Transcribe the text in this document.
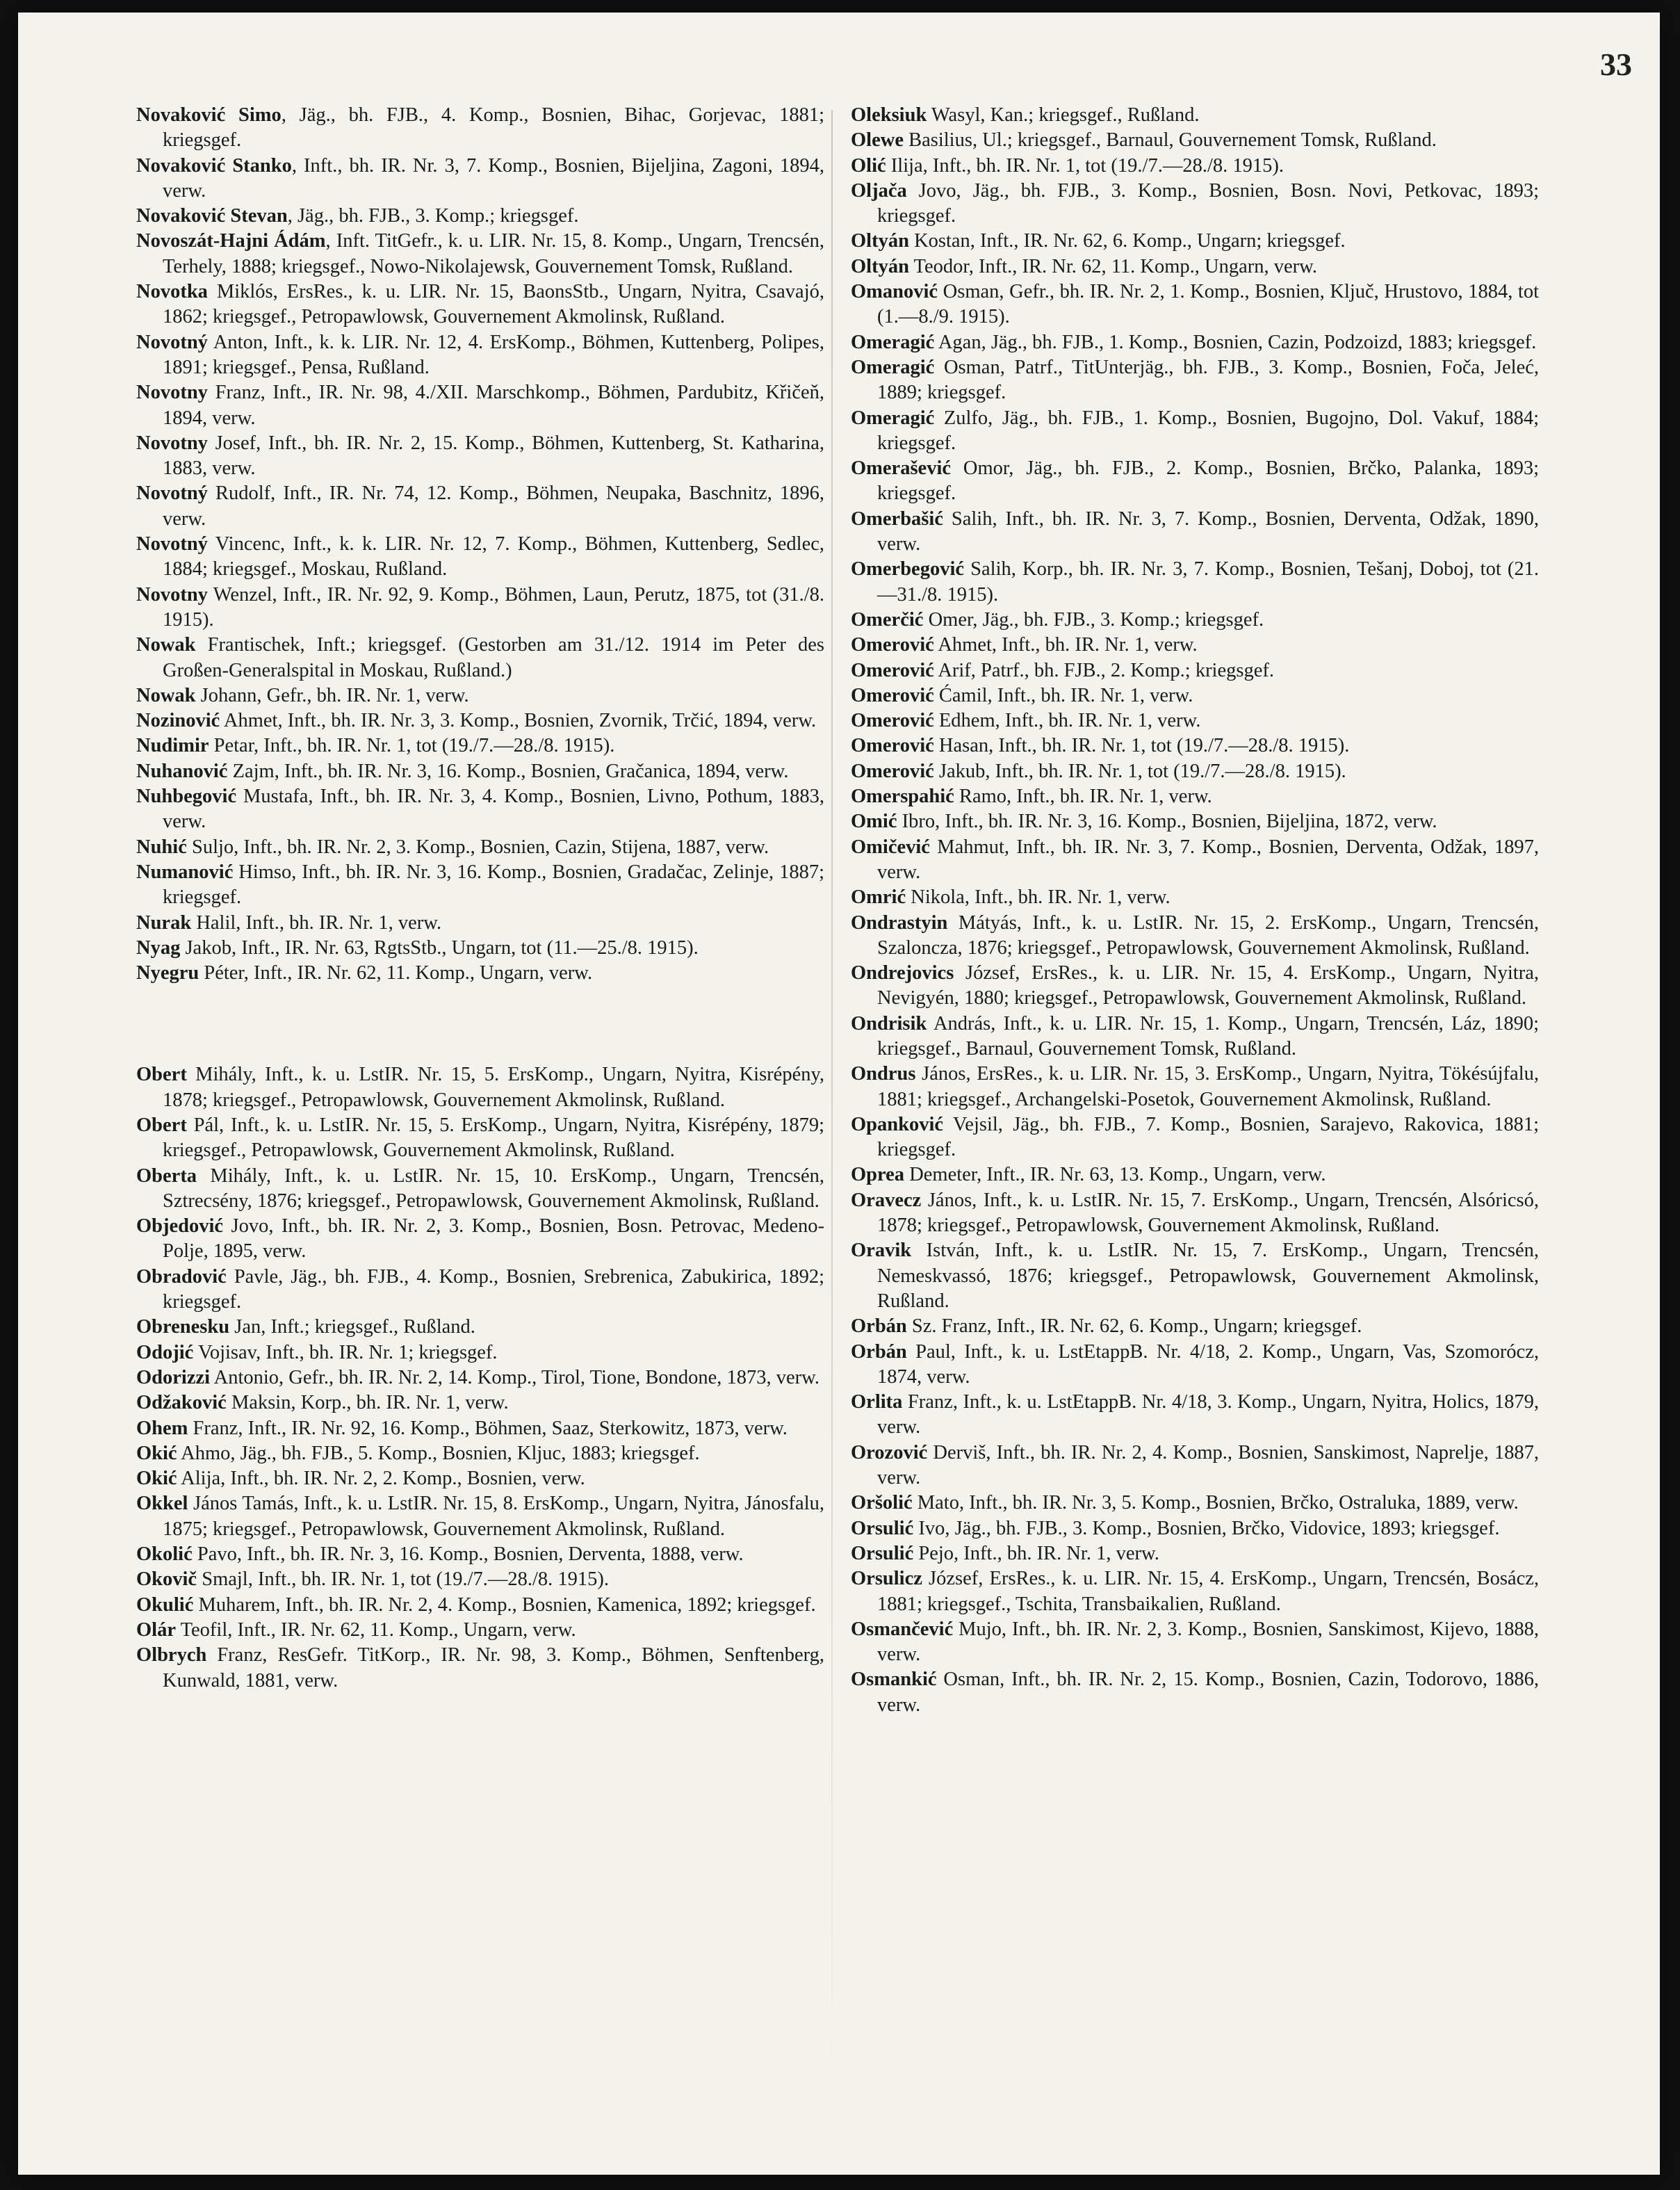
33

Novaković Simo, Jäg., bh. FJB., 4. Komp., Bosnien, Bihac, Gorjevac, 1881; kriegsgef.

Novaković Stanko, Inft., bh. IR. Nr. 3, 7. Komp., Bosnien, Bijeljina, Zagoni, 1894, verw.

Novaković Stevan, Jäg., bh. FJB., 3. Komp.; kriegsgef.

Novoszát-Hajni Ádám, Inft. TitGefr., k. u. LIR. Nr. 15, 8. Komp., Ungarn, Trencsén, Terhely, 1888; kriegsgef., Nowo-Nikolajewsk, Gouvernement Tomsk, Rußland.

Novotka Miklós, ErsRes., k. u. LIR. Nr. 15, BaonsStb., Ungarn, Nyitra, Csavajó, 1862; kriegsgef., Petropawlowsk, Gouvernement Akmolinsk, Rußland.

Novotný Anton, Inft., k. k. LIR. Nr. 12, 4. ErsKomp., Böhmen, Kuttenberg, Polipes, 1891; kriegsgef., Pensa, Rußland.

Novotny Franz, Inft., IR. Nr. 98, 4./XII. Marschkomp., Böhmen, Pardubitz, Křičeň, 1894, verw.

Novotny Josef, Inft., bh. IR. Nr. 2, 15. Komp., Böhmen, Kuttenberg, St. Katharina, 1883, verw.

Novotný Rudolf, Inft., IR. Nr. 74, 12. Komp., Böhmen, Neupaka, Baschnitz, 1896, verw.

Novotný Vincenc, Inft., k. k. LIR. Nr. 12, 7. Komp., Böhmen, Kuttenberg, Sedlec, 1884; kriegsgef., Moskau, Rußland.

Novotny Wenzel, Inft., IR. Nr. 92, 9. Komp., Böhmen, Laun, Perutz, 1875, tot (31./8. 1915).

Nowak Frantischek, Inft.; kriegsgef. (Gestorben am 31./12. 1914 im Peter des Großen-Generalspital in Moskau, Rußland.)

Nowak Johann, Gefr., bh. IR. Nr. 1, verw.

Nozinović Ahmet, Inft., bh. IR. Nr. 3, 3. Komp., Bosnien, Zvornik, Trčić, 1894, verw.

Nudimir Petar, Inft., bh. IR. Nr. 1, tot (19./7.—28./8. 1915).

Nuhanović Zajm, Inft., bh. IR. Nr. 3, 16. Komp., Bosnien, Gračanica, 1894, verw.

Nuhbegović Mustafa, Inft., bh. IR. Nr. 3, 4. Komp., Bosnien, Livno, Pothum, 1883, verw.

Nuhić Suljo, Inft., bh. IR. Nr. 2, 3. Komp., Bosnien, Cazin, Stijena, 1887, verw.

Numanović Himso, Inft., bh. IR. Nr. 3, 16. Komp., Bosnien, Gradačac, Zelinje, 1887; kriegsgef.

Nurak Halil, Inft., bh. IR. Nr. 1, verw.

Nyag Jakob, Inft., IR. Nr. 63, RgtsStb., Ungarn, tot (11.—25./8. 1915).

Nyegru Péter, Inft., IR. Nr. 62, 11. Komp., Ungarn, verw.

Obert Mihály, Inft., k. u. LstIR. Nr. 15, 5. ErsKomp., Ungarn, Nyitra, Kisrépény, 1878; kriegsgef., Petropawlowsk, Gouvernement Akmolinsk, Rußland.

Obert Pál, Inft., k. u. LstIR. Nr. 15, 5. ErsKomp., Ungarn, Nyitra, Kisrépény, 1879; kriegsgef., Petropawlowsk, Gouvernement Akmolinsk, Rußland.

Oberta Mihály, Inft., k. u. LstIR. Nr. 15, 10. ErsKomp., Ungarn, Trencsén, Sztrecsény, 1876; kriegsgef., Petropawlowsk, Gouvernement Akmolinsk, Rußland.

Objedović Jovo, Inft., bh. IR. Nr. 2, 3. Komp., Bosnien, Bosn. Petrovac, Medeno-Polje, 1895, verw.

Obradović Pavle, Jäg., bh. FJB., 4. Komp., Bosnien, Srebrenica, Zabukirica, 1892; kriegsgef.

Obrenesku Jan, Inft.; kriegsgef., Rußland.

Odojić Vojisav, Inft., bh. IR. Nr. 1; kriegsgef.

Odorizzi Antonio, Gefr., bh. IR. Nr. 2, 14. Komp., Tirol, Tione, Bondone, 1873, verw.

Odžaković Maksin, Korp., bh. IR. Nr. 1, verw.

Ohem Franz, Inft., IR. Nr. 92, 16. Komp., Böhmen, Saaz, Sterkowitz, 1873, verw.

Okić Ahmo, Jäg., bh. FJB., 5. Komp., Bosnien, Kljuc, 1883; kriegsgef.

Okić Alija, Inft., bh. IR. Nr. 2, 2. Komp., Bosnien, verw.

Okkel János Tamás, Inft., k. u. LstIR. Nr. 15, 8. ErsKomp., Ungarn, Nyitra, Jánosfalu, 1875; kriegsgef., Petropawlowsk, Gouvernement Akmolinsk, Rußland.

Okolić Pavo, Inft., bh. IR. Nr. 3, 16. Komp., Bosnien, Derventa, 1888, verw.

Okovič Smajl, Inft., bh. IR. Nr. 1, tot (19./7.—28./8. 1915).

Okulić Muharem, Inft., bh. IR. Nr. 2, 4. Komp., Bosnien, Kamenica, 1892; kriegsgef.

Olár Teofil, Inft., IR. Nr. 62, 11. Komp., Ungarn, verw.

Olbrych Franz, ResGefr. TitKorp., IR. Nr. 98, 3. Komp., Böhmen, Senftenberg, Kunwald, 1881, verw.

Oleksiuk Wasyl, Kan.; kriegsgef., Rußland.

Olewe Basilius, Ul.; kriegsgef., Barnaul, Gouvernement Tomsk, Rußland.

Olić Ilija, Inft., bh. IR. Nr. 1, tot (19./7.—28./8. 1915).

Oljača Jovo, Jäg., bh. FJB., 3. Komp., Bosnien, Bosn. Novi, Petkovac, 1893; kriegsgef.

Oltyán Kostan, Inft., IR. Nr. 62, 6. Komp., Ungarn; kriegsgef.

Oltyán Teodor, Inft., IR. Nr. 62, 11. Komp., Ungarn, verw.

Omanović Osman, Gefr., bh. IR. Nr. 2, 1. Komp., Bosnien, Ključ, Hrustovo, 1884, tot (1.—8./9. 1915).

Omeragić Agan, Jäg., bh. FJB., 1. Komp., Bosnien, Cazin, Podzoizd, 1883; kriegsgef.

Omeragić Osman, Patrf., TitUnterjäg., bh. FJB., 3. Komp., Bosnien, Foča, Jeleć, 1889; kriegsgef.

Omeragić Zulfo, Jäg., bh. FJB., 1. Komp., Bosnien, Bugojno, Dol. Vakuf, 1884; kriegsgef.

Omerašević Omor, Jäg., bh. FJB., 2. Komp., Bosnien, Brčko, Palanka, 1893; kriegsgef.

Omerbašić Salih, Inft., bh. IR. Nr. 3, 7. Komp., Bosnien, Derventa, Odžak, 1890, verw.

Omerbegović Salih, Korp., bh. IR. Nr. 3, 7. Komp., Bosnien, Tešanj, Doboj, tot (21.—31./8. 1915).

Omerčić Omer, Jäg., bh. FJB., 3. Komp.; kriegsgef.

Omerović Ahmet, Inft., bh. IR. Nr. 1, verw.

Omerović Arif, Patrf., bh. FJB., 2. Komp.; kriegsgef.

Omerović Ćamil, Inft., bh. IR. Nr. 1, verw.

Omerović Edhem, Inft., bh. IR. Nr. 1, verw.

Omerović Hasan, Inft., bh. IR. Nr. 1, tot (19./7.—28./8. 1915).

Omerović Jakub, Inft., bh. IR. Nr. 1, tot (19./7.—28./8. 1915).

Omerspahić Ramo, Inft., bh. IR. Nr. 1, verw.

Omić Ibro, Inft., bh. IR. Nr. 3, 16. Komp., Bosnien, Bijeljina, 1872, verw.

Omičević Mahmut, Inft., bh. IR. Nr. 3, 7. Komp., Bosnien, Derventa, Odžak, 1897, verw.

Omrić Nikola, Inft., bh. IR. Nr. 1, verw.

Ondrastyin Mátyás, Inft., k. u. LstIR. Nr. 15, 2. ErsKomp., Ungarn, Trencsén, Szaloncza, 1876; kriegsgef., Petropawlowsk, Gouvernement Akmolinsk, Rußland.

Ondrejovics József, ErsRes., k. u. LIR. Nr. 15, 4. ErsKomp., Ungarn, Nyitra, Nevigyén, 1880; kriegsgef., Petropawlowsk, Gouvernement Akmolinsk, Rußland.

Ondrisik András, Inft., k. u. LIR. Nr. 15, 1. Komp., Ungarn, Trencsén, Láz, 1890; kriegsgef., Barnaul, Gouvernement Tomsk, Rußland.

Ondrus János, ErsRes., k. u. LIR. Nr. 15, 3. ErsKomp., Ungarn, Nyitra, Tökésújfalu, 1881; kriegsgef., Archangelski-Posetok, Gouvernement Akmolinsk, Rußland.

Opanković Vejsil, Jäg., bh. FJB., 7. Komp., Bosnien, Sarajevo, Rakovica, 1881; kriegsgef.

Oprea Demeter, Inft., IR. Nr. 63, 13. Komp., Ungarn, verw.

Oravecz János, Inft., k. u. LstIR. Nr. 15, 7. ErsKomp., Ungarn, Trencsén, Alsóricsó, 1878; kriegsgef., Petropawlowsk, Gouvernement Akmolinsk, Rußland.

Oravik István, Inft., k. u. LstIR. Nr. 15, 7. ErsKomp., Ungarn, Trencsén, Nemeskvassó, 1876; kriegsgef., Petropawlowsk, Gouvernement Akmolinsk, Rußland.

Orbán Sz. Franz, Inft., IR. Nr. 62, 6. Komp., Ungarn; kriegsgef.

Orbán Paul, Inft., k. u. LstEtappB. Nr. 4/18, 2. Komp., Ungarn, Vas, Szomorócz, 1874, verw.

Orlita Franz, Inft., k. u. LstEtappB. Nr. 4/18, 3. Komp., Ungarn, Nyitra, Holics, 1879, verw.

Orozović Derviš, Inft., bh. IR. Nr. 2, 4. Komp., Bosnien, Sanskimost, Naprelje, 1887, verw.

Oršolić Mato, Inft., bh. IR. Nr. 3, 5. Komp., Bosnien, Brčko, Ostraluka, 1889, verw.

Orsulić Ivo, Jäg., bh. FJB., 3. Komp., Bosnien, Brčko, Vidovice, 1893; kriegsgef.

Orsulić Pejo, Inft., bh. IR. Nr. 1, verw.

Orsulicz József, ErsRes., k. u. LIR. Nr. 15, 4. ErsKomp., Ungarn, Trencsén, Bosácz, 1881; kriegsgef., Tschita, Transbaikalien, Rußland.

Osmančević Mujo, Inft., bh. IR. Nr. 2, 3. Komp., Bosnien, Sanskimost, Kijevo, 1888, verw.

Osmankić Osman, Inft., bh. IR. Nr. 2, 15. Komp., Bosnien, Cazin, Todorovo, 1886, verw.
